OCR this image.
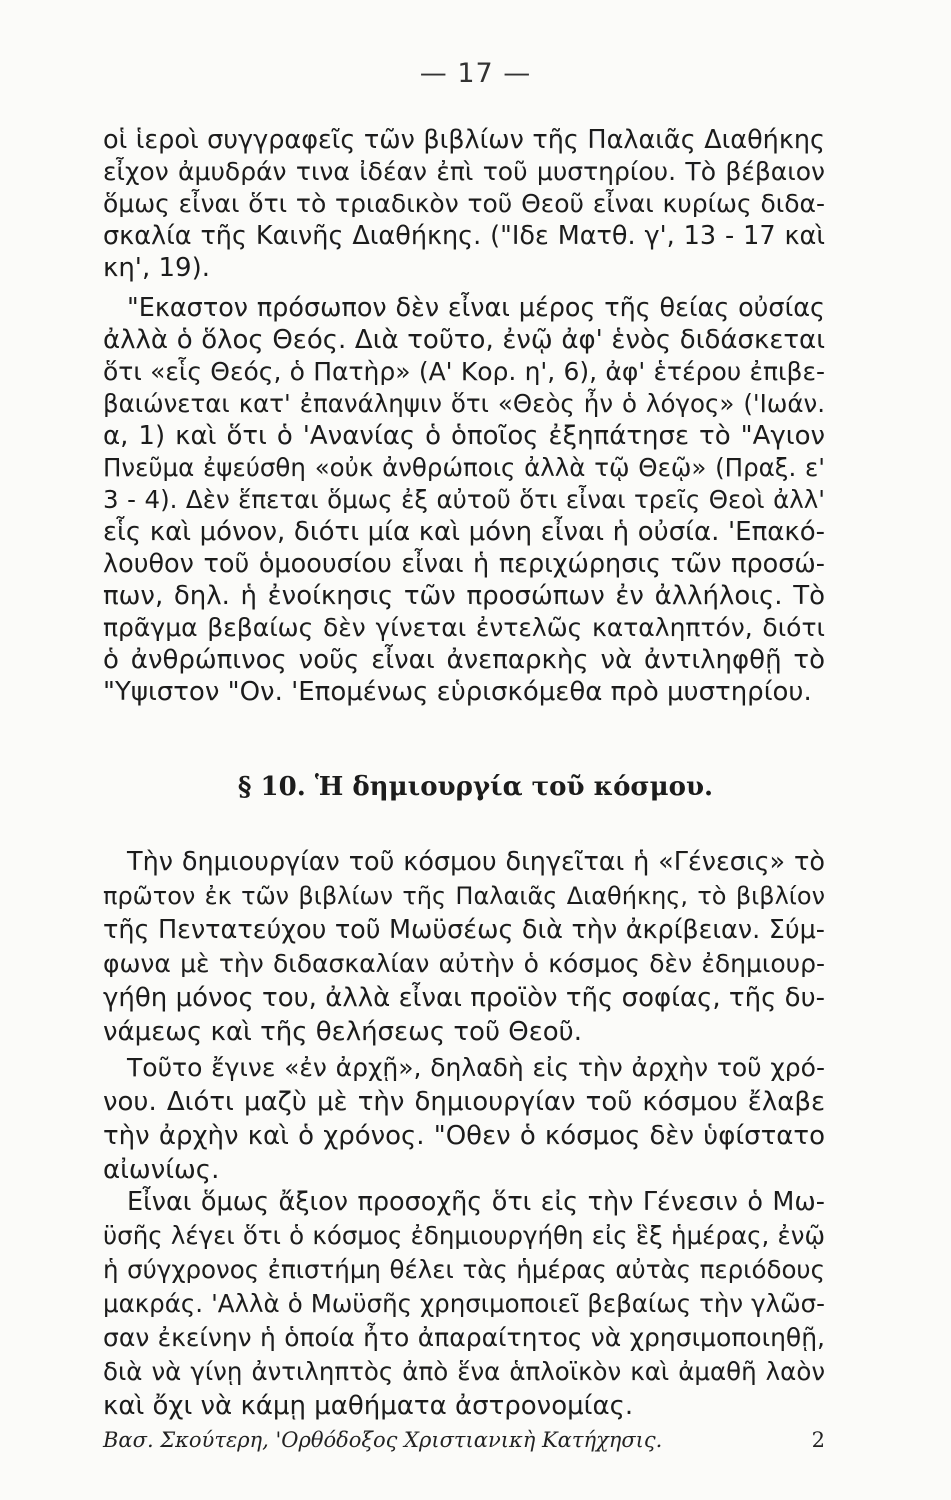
— 17 —
οἱ ἱεροὶ συγγραφεῖς τῶν βιβλίων τῆς Παλαιᾶς Διαθήκης
εἶχον ἀμυδράν τινα ἰδέαν ἐπὶ τοῦ μυστηρίου. Τὸ βέβαιον
ὅμως εἶναι ὅτι τὸ τριαδικὸν τοῦ Θεοῦ εἶναι κυρίως διδα-
σκαλία τῆς Καινῆς Διαθήκης. ("Ιδε Ματθ. γ', 13 - 17 καὶ
κη', 19).
"Εκαστον πρόσωπον δὲν εἶναι μέρος τῆς θείας οὐσίας
ἀλλὰ ὁ ὅλος Θεός. Διὰ τοῦτο, ἐνῷ ἀφ' ἑνὸς διδάσκεται
ὅτι «εἷς Θεός, ὁ Πατὴρ» (Α' Κορ. η', 6), ἀφ' ἑτέρου ἐπιβε-
βαιώνεται κατ' ἐπανάληψιν ὅτι «Θεὸς ἦν ὁ λόγος» ('Ιωάν.
α, 1) καὶ ὅτι ὁ 'Ανανίας ὁ ὁποῖος ἐξηπάτησε τὸ "Αγιον
Πνεῦμα ἐψεύσθη «οὐκ ἀνθρώποις ἀλλὰ τῷ Θεῷ» (Πραξ. ε'
3 - 4). Δὲν ἕπεται ὅμως ἐξ αὐτοῦ ὅτι εἶναι τρεῖς Θεοὶ ἀλλ'
εἷς καὶ μόνον, διότι μία καὶ μόνη εἶναι ἡ οὐσία. 'Επακό-
λουθον τοῦ ὁμοουσίου εἶναι ἡ περιχώρησις τῶν προσώ-
πων, δηλ. ἡ ἐνοίκησις τῶν προσώπων ἐν ἀλλήλοις. Τὸ
πρᾶγμα βεβαίως δὲν γίνεται ἐντελῶς καταληπτόν, διότι
ὁ ἀνθρώπινος νοῦς εἶναι ἀνεπαρκὴς νὰ ἀντιληφθῇ τὸ
"Υψιστον "Ον. 'Επομένως εὑρισκόμεθα πρὸ μυστηρίου.
§ 10. Ἡ δημιουργία τοῦ κόσμου.
Τὴν δημιουργίαν τοῦ κόσμου διηγεῖται ἡ «Γένεσις» τὸ
πρῶτον ἐκ τῶν βιβλίων τῆς Παλαιᾶς Διαθήκης, τὸ βιβλίον
τῆς Πεντατεύχου τοῦ Μωϋσέως διὰ τὴν ἀκρίβειαν. Σύμ-
φωνα μὲ τὴν διδασκαλίαν αὐτὴν ὁ κόσμος δὲν ἐδημιουρ-
γήθη μόνος του, ἀλλὰ εἶναι προϊὸν τῆς σοφίας, τῆς δυ-
νάμεως καὶ τῆς θελήσεως τοῦ Θεοῦ.
Τοῦτο ἔγινε «ἐν ἀρχῇ», δηλαδὴ εἰς τὴν ἀρχὴν τοῦ χρό-
νου. Διότι μαζὺ μὲ τὴν δημιουργίαν τοῦ κόσμου ἔλαβε
τὴν ἀρχὴν καὶ ὁ χρόνος. "Οθεν ὁ κόσμος δὲν ὑφίστατο
αἰωνίως.
Εἶναι ὅμως ἄξιον προσοχῆς ὅτι εἰς τὴν Γένεσιν ὁ Μω-
ϋσῆς λέγει ὅτι ὁ κόσμος ἐδημιουργήθη εἰς ἓξ ἡμέρας, ἐνῷ
ἡ σύγχρονος ἐπιστήμη θέλει τὰς ἡμέρας αὐτὰς περιόδους
μακράς. 'Αλλὰ ὁ Μωϋσῆς χρησιμοποιεῖ βεβαίως τὴν γλῶσ-
σαν ἐκείνην ἡ ὁποία ἦτο ἀπαραίτητος νὰ χρησιμοποιηθῇ,
διὰ νὰ γίνῃ ἀντιληπτὸς ἀπὸ ἕνα ἁπλοϊκὸν καὶ ἀμαθῆ λαὸν
καὶ ὄχι νὰ κάμῃ μαθήματα ἀστρονομίας.
Βασ. Σκούτερη, 'Ορθόδοξος Χριστιανικὴ Κατήχησις.	2
